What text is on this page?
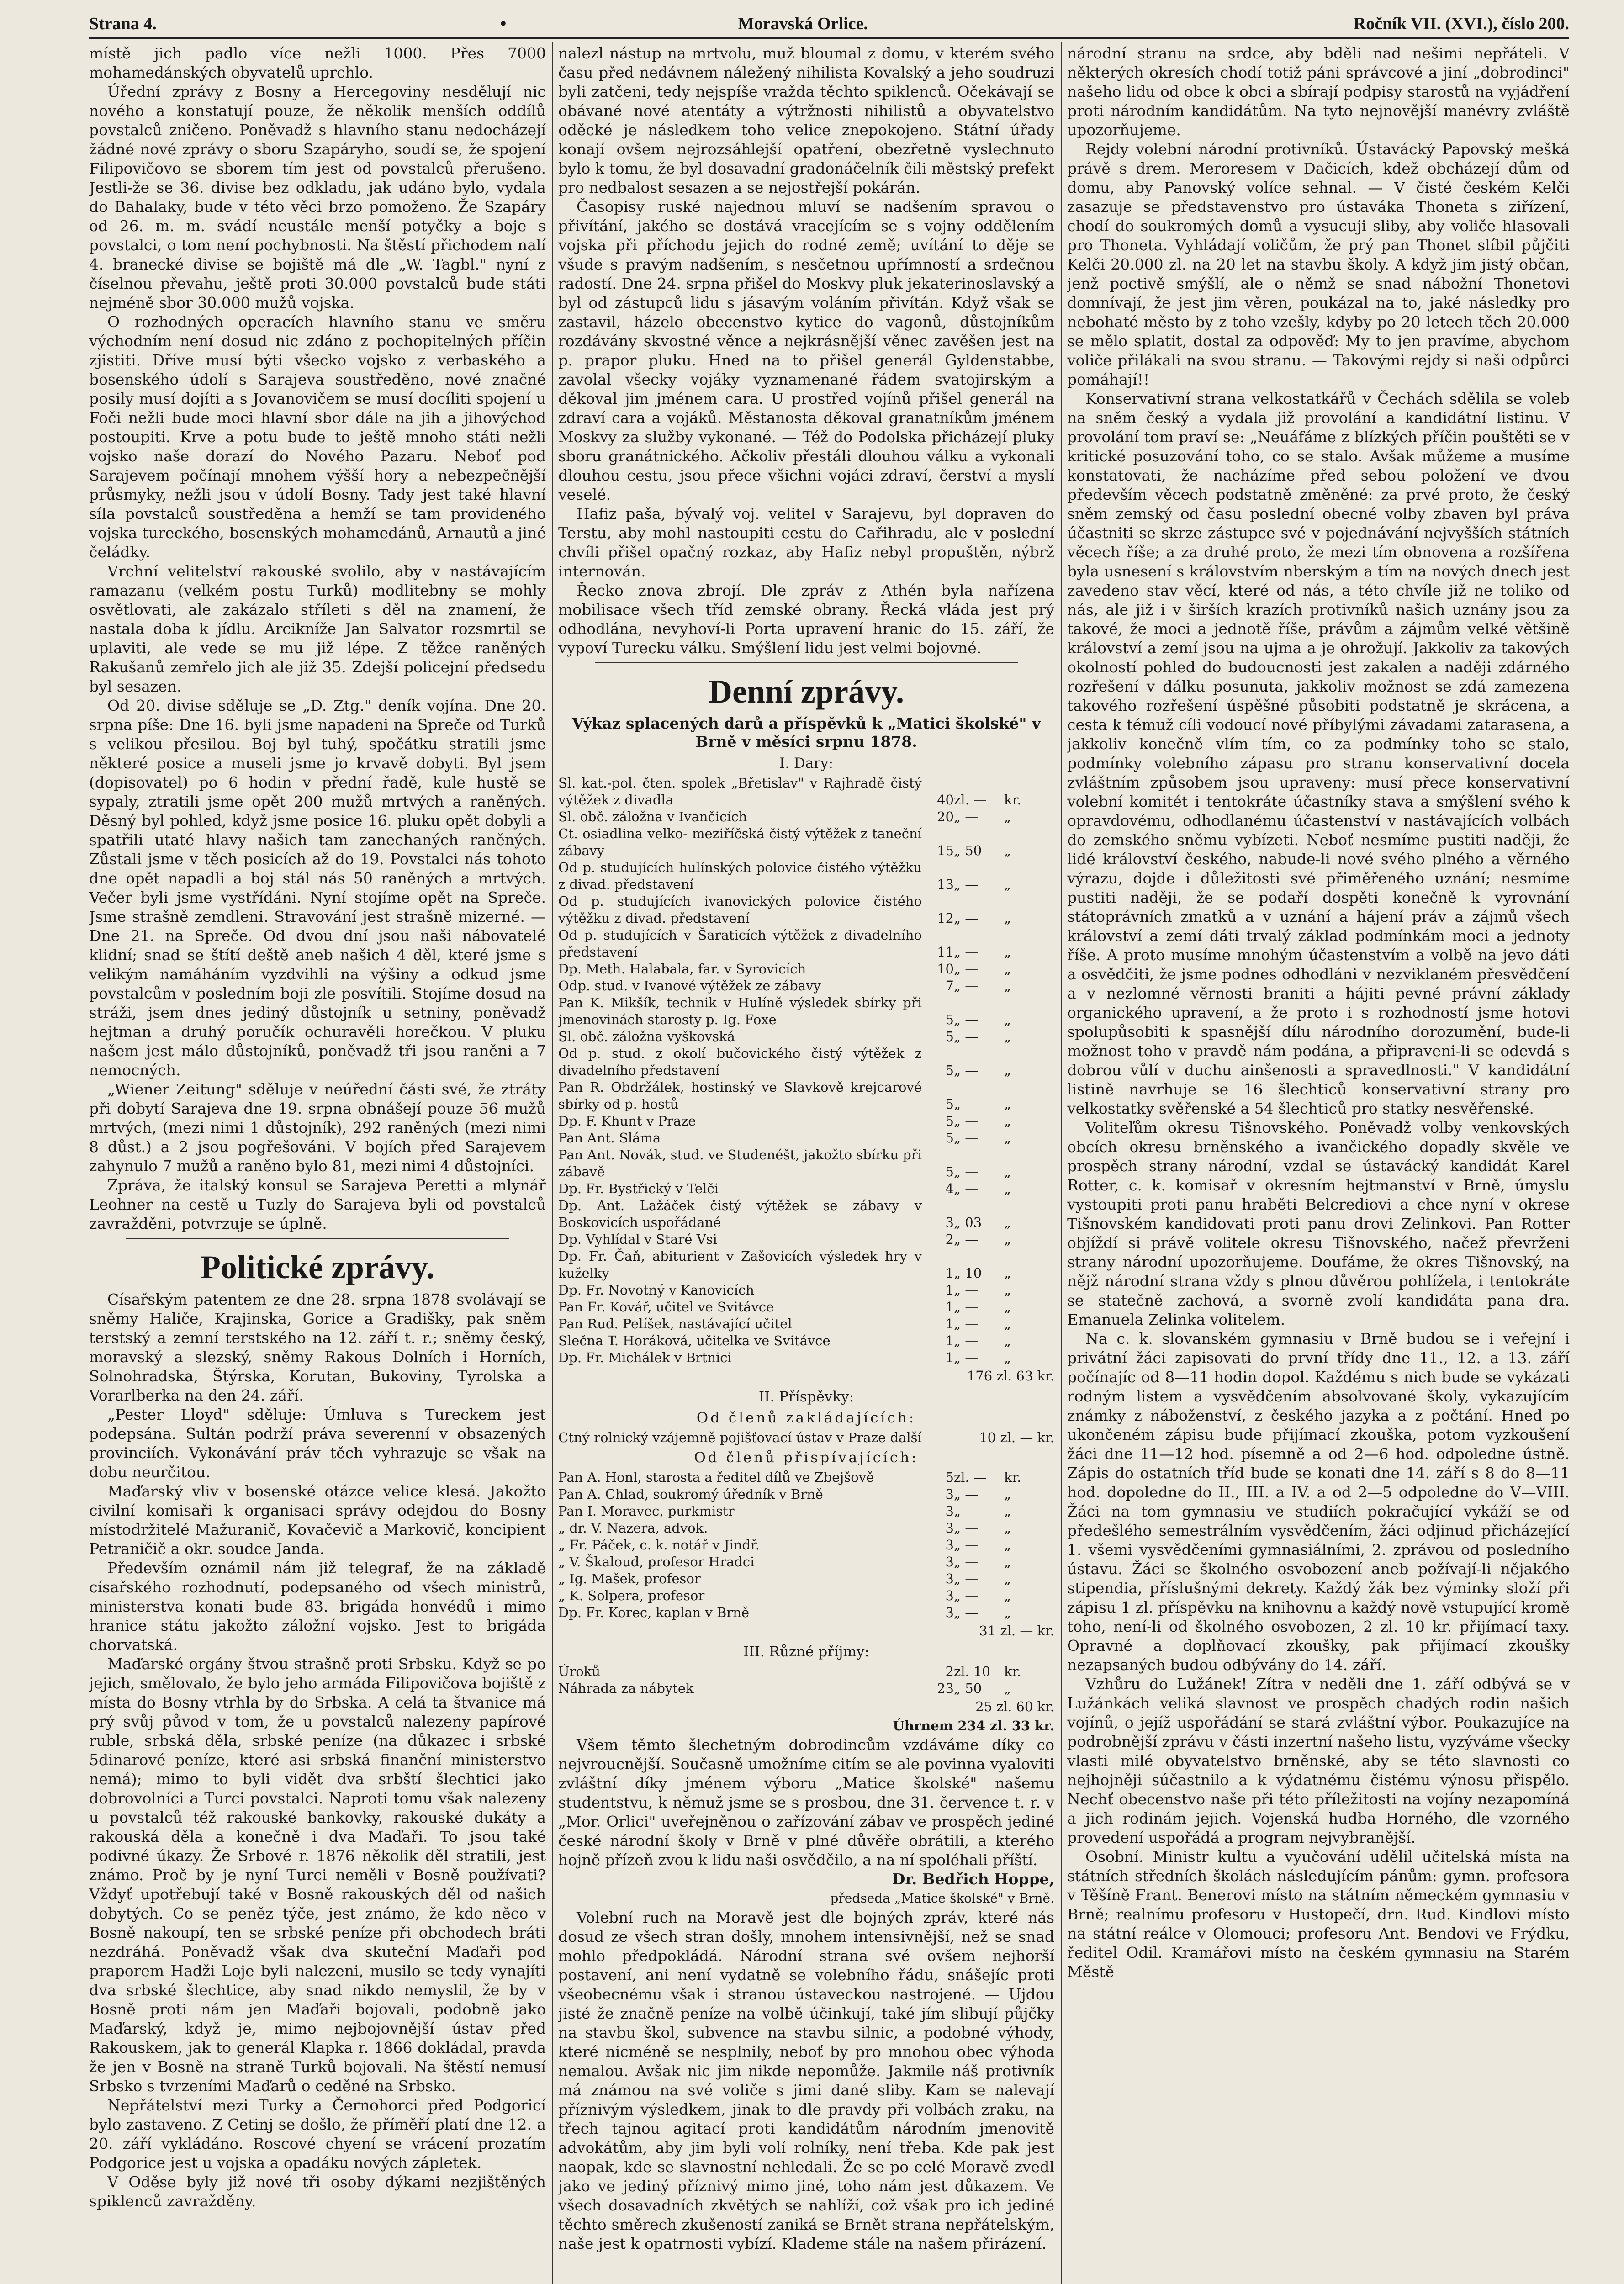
Strana 4.	•	Moravská Orlice.	Ročník VII. (XVI.), číslo 200.

místě jich padlo více nežli 1000. Přes 7000 mohamedánských obyvatelů uprchlo.

Úřední zprávy z Bosny a Hercegoviny nesdělují nic nového a konstatují pouze, že několik menších oddílů povstalců zničeno. Poněvadž s hlavního stanu nedocházejí žádné nové zprávy o sboru Szapáryho, soudí se, že spojení Filipovičovo se sborem tím jest od povstalců přerušeno. Jestli-že se 36. divise bez odkladu, jak udáno bylo, vydala do Bahalaky, bude v této věci brzo pomoženo. Že Szapáry od 26. m. m. svádí neustále menší potyčky a boje s povstalci, o tom není pochybnosti. Na štěstí přichodem nalí 4. branecké divise se bojiště má dle „W. Tagbl." nyní z číselnou převahu, ještě proti 30.000 povstalců bude státi nejméně sbor 30.000 mužů vojska.

O rozhodných operacích hlavního stanu ve směru východním není dosud nic zdáno z pochopitelných příčin zjistiti. Dříve musí býti všecko vojsko z verbaského a bosenského údolí s Sarajeva soustředěno, nové značné posily musí dojíti a s Jovanovičem se musí docíliti spojení u Foči nežli bude moci hlavní sbor dále na jih a jihovýchod postoupiti. Krve a potu bude to ještě mnoho státi nežli vojsko naše dorazí do Nového Pazaru. Neboť pod Sarajevem počínají mnohem výšší hory a nebezpečnější průsmyky, nežli jsou v údolí Bosny. Tady jest také hlavní síla povstalců soustředěna a hemží se tam provideného vojska tureckého, bosenských mohamedánů, Arnautů a jiné čeládky.

Vrchní velitelství rakouské svolilo, aby v nastávajícím ramazanu (velkém postu Turků) modlitebny se mohly osvětlovati, ale zakázalo stříleti s děl na znamení, že nastala doba k jídlu. Arcikníže Jan Salvator rozsmrtil se uplaviti, ale vede se mu již lépe. Z těžce raněných Rakušanů zemřelo jich ale již 35. Zdejší policejní předsedu byl sesazen.

Od 20. divise sděluje se „D. Ztg." deník vojína. Dne 20. srpna píše: Dne 16. byli jsme napadeni na Spreče od Turků s velikou přesilou. Boj byl tuhý, spočátku stratili jsme některé posice a museli jsme jo krvavě dobyti. Byl jsem (dopisovatel) po 6 hodin v přední řadě, kule hustě se sypaly, ztratili jsme opět 200 mužů mrtvých a raněných. Děsný byl pohled, když jsme posice 16. pluku opět dobyli a spatřili utaté hlavy našich tam zanechaných raněných. Zůstali jsme v těch posicích až do 19. Povstalci nás tohoto dne opět napadli a boj stál nás 50 raněných a mrtvých. Večer byli jsme vystřídáni. Nyní stojíme opět na Spreče. Jsme strašně zemdleni. Stravování jest strašně mizerné. — Dne 21. na Spreče. Od dvou dní jsou naši nábovatelé klidní; snad se štítí deště aneb našich 4 děl, které jsme s velikým namáháním vyzdvihli na výšiny a odkud jsme povstalcům v posledním boji zle posvítili. Stojíme dosud na stráži, jsem dnes jediný důstojník u setniny, poněvadž hejtman a druhý poručík ochuravěli horečkou. V pluku našem jest málo důstojníků, poněvadž tři jsou raněni a 7 nemocných.

„Wiener Zeitung" sděluje v neúřední části své, že ztráty při dobytí Sarajeva dne 19. srpna obnášejí pouze 56 mužů mrtvých, (mezi nimi 1 důstojník), 292 raněných (mezi nimi 8 důst.) a 2 jsou pogřešováni. V bojích před Sarajevem zahynulo 7 mužů a raněno bylo 81, mezi nimi 4 důstojníci.

Zpráva, že italský konsul se Sarajeva Peretti a mlynář Leohner na cestě u Tuzly do Sarajeva byli od povstalců zavražděni, potvrzuje se úplně.

Politické zprávy.

Císařským patentem ze dne 28. srpna 1878 svolávají se sněmy Haliče, Krajinska, Gorice a Gradišky, pak sněm terstský a zemní terstského na 12. září t. r.; sněmy český, moravský a slezský, sněmy Rakous Dolních i Horních, Solnohradska, Štýrska, Korutan, Bukoviny, Tyrolska a Vorarlberka na den 24. září.

„Pester Lloyd" sděluje: Úmluva s Tureckem jest podepsána. Sultán podrží práva severenní v obsazených provinciích. Vykonávání práv těch vyhrazuje se však na dobu neurčitou.

Maďarský vliv v bosenské otázce velice klesá. Jakožto civilní komisaři k organisaci správy odejdou do Bosny místodržitelé Mažuranič, Kovačevič a Markovič, koncipient Petraničič a okr. soudce Janda.

Především oznámil nám již telegraf, že na základě císařského rozhodnutí, podepsaného od všech ministrů, ministerstva konati bude 83. brigáda honvédů i mimo hranice státu jakožto záložní vojsko. Jest to brigáda chorvatská.

Maďarské orgány štvou strašně proti Srbsku. Když se po jejich, smělovalo, že bylo jeho armáda Filipovičova bojiště z místa do Bosny vtrhla by do Srbska. A celá ta štvanice má prý svůj původ v tom, že u povstalců nalezeny papírové ruble, srbská děla, srbské peníze (na důkazec i srbské 5dinarové peníze, které asi srbská finanční ministerstvo nemá); mimo to byli vidět dva srbští šlechtici jako dobrovolníci a Turci povstalci. Naproti tomu však nalezeny u povstalců též rakouské bankovky, rakouské dukáty a rakouská děla a konečně i dva Maďaři. To jsou také podivné úkazy. Že Srbové r. 1876 několik děl stratili, jest známo. Proč by je nyní Turci neměli v Bosně používati? Vždyť upotřebují také v Bosně rakouských děl od našich dobytých. Co se peněz týče, jest známo, že kdo něco v Bosně nakoupí, ten se srbské peníze při obchodech bráti nezdráhá. Poněvadž však dva skuteční Maďaři pod praporem Hadži Loje byli nalezeni, musilo se tedy vynajíti dva srbské šlechtice, aby snad nikdo nemyslil, že by v Bosně proti nám jen Maďaři bojovali, podobně jako Maďarský, když je, mimo nejbojovnější ústav před Rakouskem, jak to generál Klapka r. 1866 dokládal, pravda že jen v Bosně na straně Turků bojovali. Na štěstí nemusí Srbsko s tvrzeními Maďarů o ceděné na Srbsko.

Nepřátelství mezi Turky a Černohorci před Podgoricí bylo zastaveno. Z Cetinj se došlo, že příměří platí dne 12. a 20. září vykládáno. Roscové chyení se vrácení prozatím Podgorice jest u vojska a opadáku nových zápletek.

V Oděse byly již nové tři osoby dýkami nezjištěných spiklenců zavražděny.

nalezl nástup na mrtvolu, muž bloumal z domu, v kterém svého času před nedávnem náležený nihilista Kovalský a jeho soudruzi byli zatčeni, tedy nejspíše vražda těchto spiklenců. Očekávají se obávané nové atentáty a výtržnosti nihilistů a obyvatelstvo oděcké je následkem toho velice znepokojeno. Státní úřady konají ovšem nejrozsáhlejší opatření, obezřetně vyslechnuto bylo k tomu, že byl dosavadní gradonáčelník čili městský prefekt pro nedbalost sesazen a se nejostřejší pokárán.

Časopisy ruské najednou mluví se nadšením spravou o přivítání, jakého se dostává vracejícím se s vojny oddělením vojska při příchodu jejich do rodné země; uvítání to děje se všude s pravým nadšením, s nesčetnou upřímností a srdečnou radostí. Dne 24. srpna přišel do Moskvy pluk jekaterinoslavský a byl od zástupců lidu s jásavým voláním přivítán. Když však se zastavil, házelo obecenstvo kytice do vagonů, důstojníkům rozdávány skvostné věnce a nejkrásnější věnec zavěšen jest na p. prapor pluku. Hned na to přišel generál Gyldenstabbe, zavolal všecky vojáky vyznamenané řádem svatojirským a děkoval jim jménem cara. U prostřed vojínů přišel generál na zdraví cara a vojáků. Městanosta děkoval granatníkům jménem Moskvy za služby vykonané. — Též do Podolska přicházejí pluky sboru granátnického. Ačkoliv přestáli dlouhou válku a vykonali dlouhou cestu, jsou přece všichni vojáci zdraví, čerství a myslí veselé.

Hafiz paša, bývalý voj. velitel v Sarajevu, byl dopraven do Terstu, aby mohl nastoupiti cestu do Cařihradu, ale v poslední chvíli přišel opačný rozkaz, aby Hafiz nebyl propuštěn, nýbrž internován.

Řecko znova zbrojí. Dle zpráv z Athén byla nařízena mobilisace všech tříd zemské obrany. Řecká vláda jest prý odhodlána, nevyhoví-li Porta upravení hranic do 15. září, že vypoví Turecku válku. Smýšlení lidu jest velmi bojovné.

Denní zprávy.
Výkaz splacených darů a příspěvků k „Matici školské" v Brně v měsíci srpnu 1878.
I. Dary:
Sl. kat.-pol. čten. spolek „Břetislav" v Rajhradě čistý výtěžek z divadla	40	zl. —	kr.
Sl. obč. záložna v Ivančicích	20	„ —	„
Ct. osiadlina velko- meziříčská čistý výtěžek z taneční zábavy	15	„ 50	„
Od p. studujících hulínských polovice čistého výtěžku z divad. představení	13	„ —	„
Od p. studujících ivanovických polovice čistého výtěžku z divad. představení	12	„ —	„
Od p. studujících v Šaraticích výtěžek z divadelního představení	11	„ —	„
Dp. Meth. Halabala, far. v Syrovicích	10	„ —	„
Odp. stud. v Ivanové výtěžek ze zábavy	7	„ —	„
Pan K. Mikšík, technik v Hulíně výsledek sbírky při jmenovinách starosty p. Ig. Foxe	5	„ —	„
Sl. obč. záložna vyškovská	5	„ —	„
Od p. stud. z okolí bučovického čistý výtěžek z divadelního představení	5	„ —	„
Pan R. Obdržálek, hostinský ve Slavkově krejcarové sbírky od p. hostů	5	„ —	„
Dp. F. Khunt v Praze	5	„ —	„
Pan Ant. Sláma	5	„ —	„
Pan Ant. Novák, stud. ve Studenéšt, jakožto sbírku při zábavě	5	„ —	„
Dp. Fr. Bystřický v Telči	4	„ —	„
Dp. Ant. Lažáček čistý výtěžek se zábavy v Boskovicích uspořádané	3	„ 03	„
Dp. Vyhlídal v Staré Vsi	2	„ —	„
Dp. Fr. Čaň, abiturient v Zašovicích výsledek hry v kuželky	1	„ 10	„
Dp. Fr. Novotný v Kanovicích	1	„ —	„
Pan Fr. Kovář, učitel ve Svitávce	1	„ —	„
Pan Rud. Pelíšek, nastávající učitel	1	„ —	„
Slečna T. Horáková, učitelka ve Svitávce	1	„ —	„
Dp. Fr. Michálek v Brtnici	1	„ —	„
176 zl. 63 kr.
II. Příspěvky:
Od členů zakládajících:
Ctný rolnický vzájemně pojišťovací ústav v Praze další	10 zl. — kr.
Od členů přispívajících:
Pan A. Honl, starosta a ředitel dílů ve Zbejšově	5	zl. —	kr.
Pan A. Chlad, soukromý úředník v Brně	3	„ —	„
Pan I. Moravec, purkmistr	3	„ —	„
„ dr. V. Nazera, advok.	3	„ —	„
„ Fr. Páček, c. k. notář v Jindř.	3	„ —	„
„ V. Škaloud, profesor Hradci	3	„ —	„
„ Ig. Mašek, profesor	3	„ —	„
„ K. Solpera, profesor	3	„ —	„
Dp. Fr. Korec, kaplan v Brně	3	„ —	„
31 zl. — kr.
III. Různé příjmy:
Úroků	2	zl. 10	kr.
Náhrada za nábytek	23	„ 50	„
25 zl. 60 kr.
Úhrnem 234 zl. 33 kr.

Všem těmto šlechetným dobrodincům vzdáváme díky co nejvroucnější. Současně umožníme citím se ale povinna vyaloviti zvláštní díky jménem výboru „Matice školské" našemu studentstvu, k němuž jsme se s prosbou, dne 31. července t. r. v „Mor. Orlici" uveřejněnou o zařízování zábav ve prospěch jediné české národní školy v Brně v plné důvěře obrátili, a kterého hojně přízeň zvou k lidu naši osvědčilo, a na ní spoléhali příští.

Dr. Bedřich Hoppe,
předseda „Matice školské" v Brně.

Volební ruch na Moravě jest dle bojných zpráv, které nás dosud ze všech stran došly, mnohem intensivnější, než se snad mohlo předpokládá. Národní strana své ovšem nejhorší postavení, ani není vydatně se volebního řádu, snášejíc proti všeobecnému však i stranou ústaveckou nastrojené. — Ujdou jisté že značně peníze na volbě účinkují, také jím slibují půjčky na stavbu škol, subvence na stavbu silnic, a podobné výhody, které nicméně se nesplnily, neboť by pro mnohou obec výhoda nemalou. Avšak nic jim nikde nepomůže. Jakmile náš protivník má známou na své voliče s jimi dané sliby. Kam se nalevají příznivým výsledkem, jinak to dle pravdy při volbách zraku, na třech tajnou agitací proti kandidátům národním jmenovitě advokátům, aby jim byli volí rolníky, není třeba. Kde pak jest naopak, kde se slavnostní nehledali. Že se po celé Moravě zvedl jako ve jediný příznivý mimo jiné, toho nám jest důkazem. Ve všech dosavadních zkvětých se nahlíží, což však pro ich jediné těchto směrech zkušeností zaniká se Brnět strana nepřátelským, naše jest k opatrnosti vybízí. Klademe stále na našem přirázení.

národní stranu na srdce, aby bděli nad nešimi nepřáteli. V některých okresích chodí totiž páni správcové a jiní „dobrodinci" našeho lidu od obce k obci a sbírají podpisy starostů na vyjádření proti národním kandidátům. Na tyto nejnovější manévry zvláště upozorňujeme.

Rejdy volební národní protivníků. Ústavácký Papovský mešká právě s drem. Meroresem v Dačicích, kdež obcházejí dům od domu, aby Panovský volíce sehnal. — V čisté českém Kelči zasazuje se představenstvo pro ústaváka Thoneta s ziřízení, chodí do soukromých domů a vysucuji sliby, aby voliče hlasovali pro Thoneta. Vyhládají voličům, že prý pan Thonet slíbil půjčiti Kelči 20.000 zl. na 20 let na stavbu školy. A když jim jistý občan, jenž poctivě smýšlí, ale o němž se snad nábožní Thonetovi domnívají, že jest jim věren, poukázal na to, jaké následky pro nebohaté město by z toho vzešly, kdyby po 20 letech těch 20.000 se mělo splatit, dostal za odpověď: My to jen pravíme, abychom voliče přilákali na svou stranu. — Takovými rejdy si naši odpůrci pomáhají!!

Konservativní strana velkostatkářů v Čechách sdělila se voleb na sněm český a vydala již provolání a kandidátní listinu. V provolání tom praví se: „Neuáfáme z blízkých příčin pouštěti se v kritické posuzování toho, co se stalo. Avšak můžeme a musíme konstatovati, že nacházíme před sebou položení ve dvou především věcech podstatně změněné: za prvé proto, že český sněm zemský od času poslední obecné volby zbaven byl práva účastniti se skrze zástupce své v pojednávání nejvyšších státních věcech říše; a za druhé proto, že mezi tím obnovena a rozšířena byla usnesení s královstvím nberským a tím na nových dnech jest zavedeno stav věcí, které od nás, a této chvíle již ne toliko od nás, ale již i v širších krazích protivníků našich uznány jsou za takové, že moci a jednotě říše, právům a zájmům velké většině království a zemí jsou na ujma a je ohrožují. Jakkoliv za takových okolností pohled do budoucnosti jest zakalen a naději zdárného rozřešení v dálku posunuta, jakkoliv možnost se zdá zamezena takového rozřešení úspěšné působiti podstatně je skrácena, a cesta k témuž cíli vodoucí nové příbylými závadami zatarasena, a jakkoliv konečně vlím tím, co za podmínky toho se stalo, podmínky volebního zápasu pro stranu konservativní docela zvláštním způsobem jsou upraveny: musí přece konservativní volební komitét i tentokráte účastníky stava a smýšlení svého k opravdovému, odhodlanému účastenství v nastávajících volbách do zemského sněmu vybízeti. Neboť nesmíme pustiti naději, že lidé království českého, nabude-li nové svého plného a věrného výrazu, dojde i důležitosti své přiměřeného uznání; nesmíme pustiti naději, že se podaří dospěti konečně k vyrovnání státoprávních zmatků a v uznání a hájení práv a zájmů všech království a zemí dáti trvalý základ podmínkám moci a jednoty říše. A proto musíme mnohým účastenstvím a volbě na jevo dáti a osvědčiti, že jsme podnes odhodláni v nezviklaném přesvědčení a v nezlomné věrnosti braniti a hájiti pevné právní základy organického upravení, a že proto i s rozhodností jsme hotovi spolupůsobiti k spasnější dílu národního dorozumění, bude-li možnost toho v pravdě nám podána, a připraveni-li se odevdá s dobrou vůlí v duchu ainšenosti a spravedlnosti." V kandidátní listině navrhuje se 16 šlechticů konservativní strany pro velkostatky svěřenské a 54 šlechticů pro statky nesvěřenské.

Voliteľům okresu Tišnovského. Poněvadž volby venkovských obcích okresu brněnského a ivančického dopadly skvěle ve prospěch strany národní, vzdal se ústavácký kandidát Karel Rotter, c. k. komisař v okresním hejtmanství v Brně, úmyslu vystoupiti proti panu hraběti Belcrediovi a chce nyní v okrese Tišnovském kandidovati proti panu drovi Zelinkovi. Pan Rotter objíždí si právě volitele okresu Tišnovského, načež převrženi strany národní upozorňujeme. Doufáme, že okres Tišnovský, na nějž národní strana vždy s plnou důvěrou pohlížela, i tentokráte se statečně zachová, a svorně zvolí kandidáta pana dra. Emanuela Zelinka volitelem.

Na c. k. slovanském gymnasiu v Brně budou se i veřejní i privátní žáci zapisovati do první třídy dne 11., 12. a 13. září počínajíc od 8—11 hodin dopol. Každému s nich bude se vykázati rodným listem a vysvědčením absolvované školy, vykazujícím známky z náboženství, z českého jazyka a z počtání. Hned po ukončeném zápisu bude přijímací zkouška, potom vyzkoušení žáci dne 11—12 hod. písemně a od 2—6 hod. odpoledne ústně. Zápis do ostatních tříd bude se konati dne 14. září s 8 do 8—11 hod. dopoledne do II., III. a IV. a od 2—5 odpoledne do V—VIII. Žáci na tom gymnasiu ve studiích pokračující vykáží se od předešlého semestrálním vysvědčením, žáci odjinud přicházející 1. všemi vysvědčeními gymnasiálními, 2. zprávou od posledního ústavu. Žáci se školného osvobození aneb požívají-li nějakého stipendia, příslušnými dekrety. Každý žák bez výminky složí při zápisu 1 zl. příspěvku na knihovnu a každý nově vstupující kromě toho, není-li od školného osvobozen, 2 zl. 10 kr. přijímací taxy. Opravné a doplňovací zkoušky, pak přijímací zkoušky nezapsaných budou odbývány do 14. září.

Vzhůru do Lužánek! Zítra v neděli dne 1. září odbývá se v Lužánkách veliká slavnost ve prospěch chadých rodin našich vojínů, o jejíž uspořádání se stará zvláštní výbor. Poukazujíce na podrobnější zprávu v části inzertní našeho listu, vyzýváme všecky vlasti milé obyvatelstvo brněnské, aby se této slavnosti co nejhojněji súčastnilo a k výdatnému čistému výnosu přispělo. Nechť obecenstvo naše při této příležitosti na vojíny nezapomíná a jich rodinám jejich. Vojenská hudba Horného, dle vzorného provedení uspořádá a program nejvybranější.

Osobní. Ministr kultu a vyučování udělil učitelská místa na státních středních školách následujícím pánům: gymn. profesora v Těšíně Frant. Benerovi místo na státním německém gymnasiu v Brně; realnímu profesoru v Hustopečí, drn. Rud. Kindlovi místo na státní reálce v Olomouci; profesoru Ant. Bendovi ve Frýdku, ředitel Odil. Kramářovi místo na českém gymnasiu na Starém Městě
